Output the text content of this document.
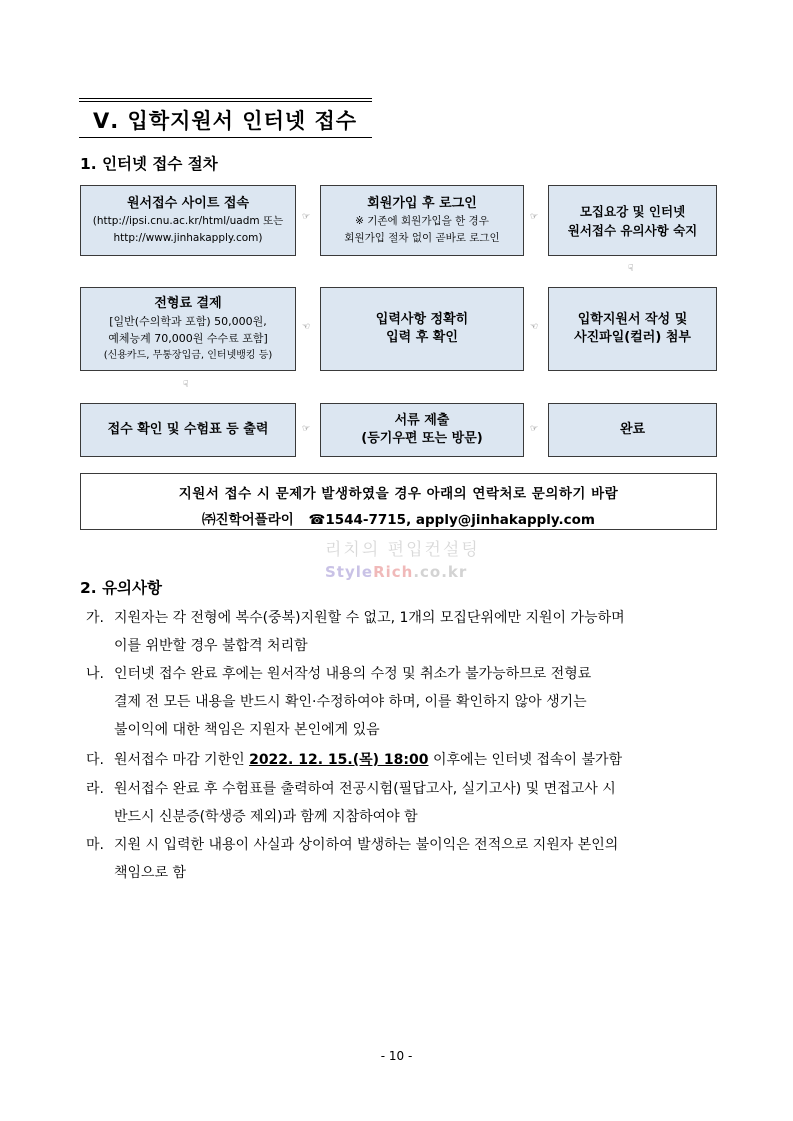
Ⅴ. 입학지원서 인터넷 접수
1. 인터넷 접수 절차
원서접수 사이트 접속
(http://ipsi.cnu.ac.kr/html/uadm 또는
http://www.jinhakapply.com)
☞
회원가입 후 로그인
※ 기존에 회원가입을 한 경우
회원가입 절차 없이 곧바로 로그인
☞	모집요강 및 인터넷
원서접수 유의사항 숙지
☟
전형료 결제
[일반(수의학과 포함) 50,000원,
예체능계 70,000원 수수료 포함]
(신용카드, 무통장입금, 인터넷뱅킹 등)
☜	입력사항 정확히
입력 후 확인
☜	입학지원서 작성 및
사진파일(컬러) 첨부
☟
접수 확인 및 수험표 등 출력	☞
서류 제출
(등기우편 또는 방문)
☞	완료
지원서 접수 시 문제가 발생하였을 경우 아래의 연락처로 문의하기 바람
㈜진학어플라이 ☎1544-7715, apply@jinhakapply.com
리치의 편입컨설팅
StyleRich.co.kr
2. 유의사항
가. 지원자는 각 전형에 복수(중복)지원할 수 없고, 1개의 모집단위에만 지원이 가능하며
이를 위반할 경우 불합격 처리함
나. 인터넷 접수 완료 후에는 원서작성 내용의 수정 및 취소가 불가능하므로 전형료
결제 전 모든 내용을 반드시 확인·수정하여야 하며, 이를 확인하지 않아 생기는
불이익에 대한 책임은 지원자 본인에게 있음
다. 원서접수 마감 기한인 2022. 12. 15.(목) 18:00 이후에는 인터넷 접속이 불가함
라. 원서접수 완료 후 수험표를 출력하여 전공시험(필답고사, 실기고사) 및 면접고사 시
반드시 신분증(학생증 제외)과 함께 지참하여야 함
마. 지원 시 입력한 내용이 사실과 상이하여 발생하는 불이익은 전적으로 지원자 본인의
책임으로 함
- 10 -
